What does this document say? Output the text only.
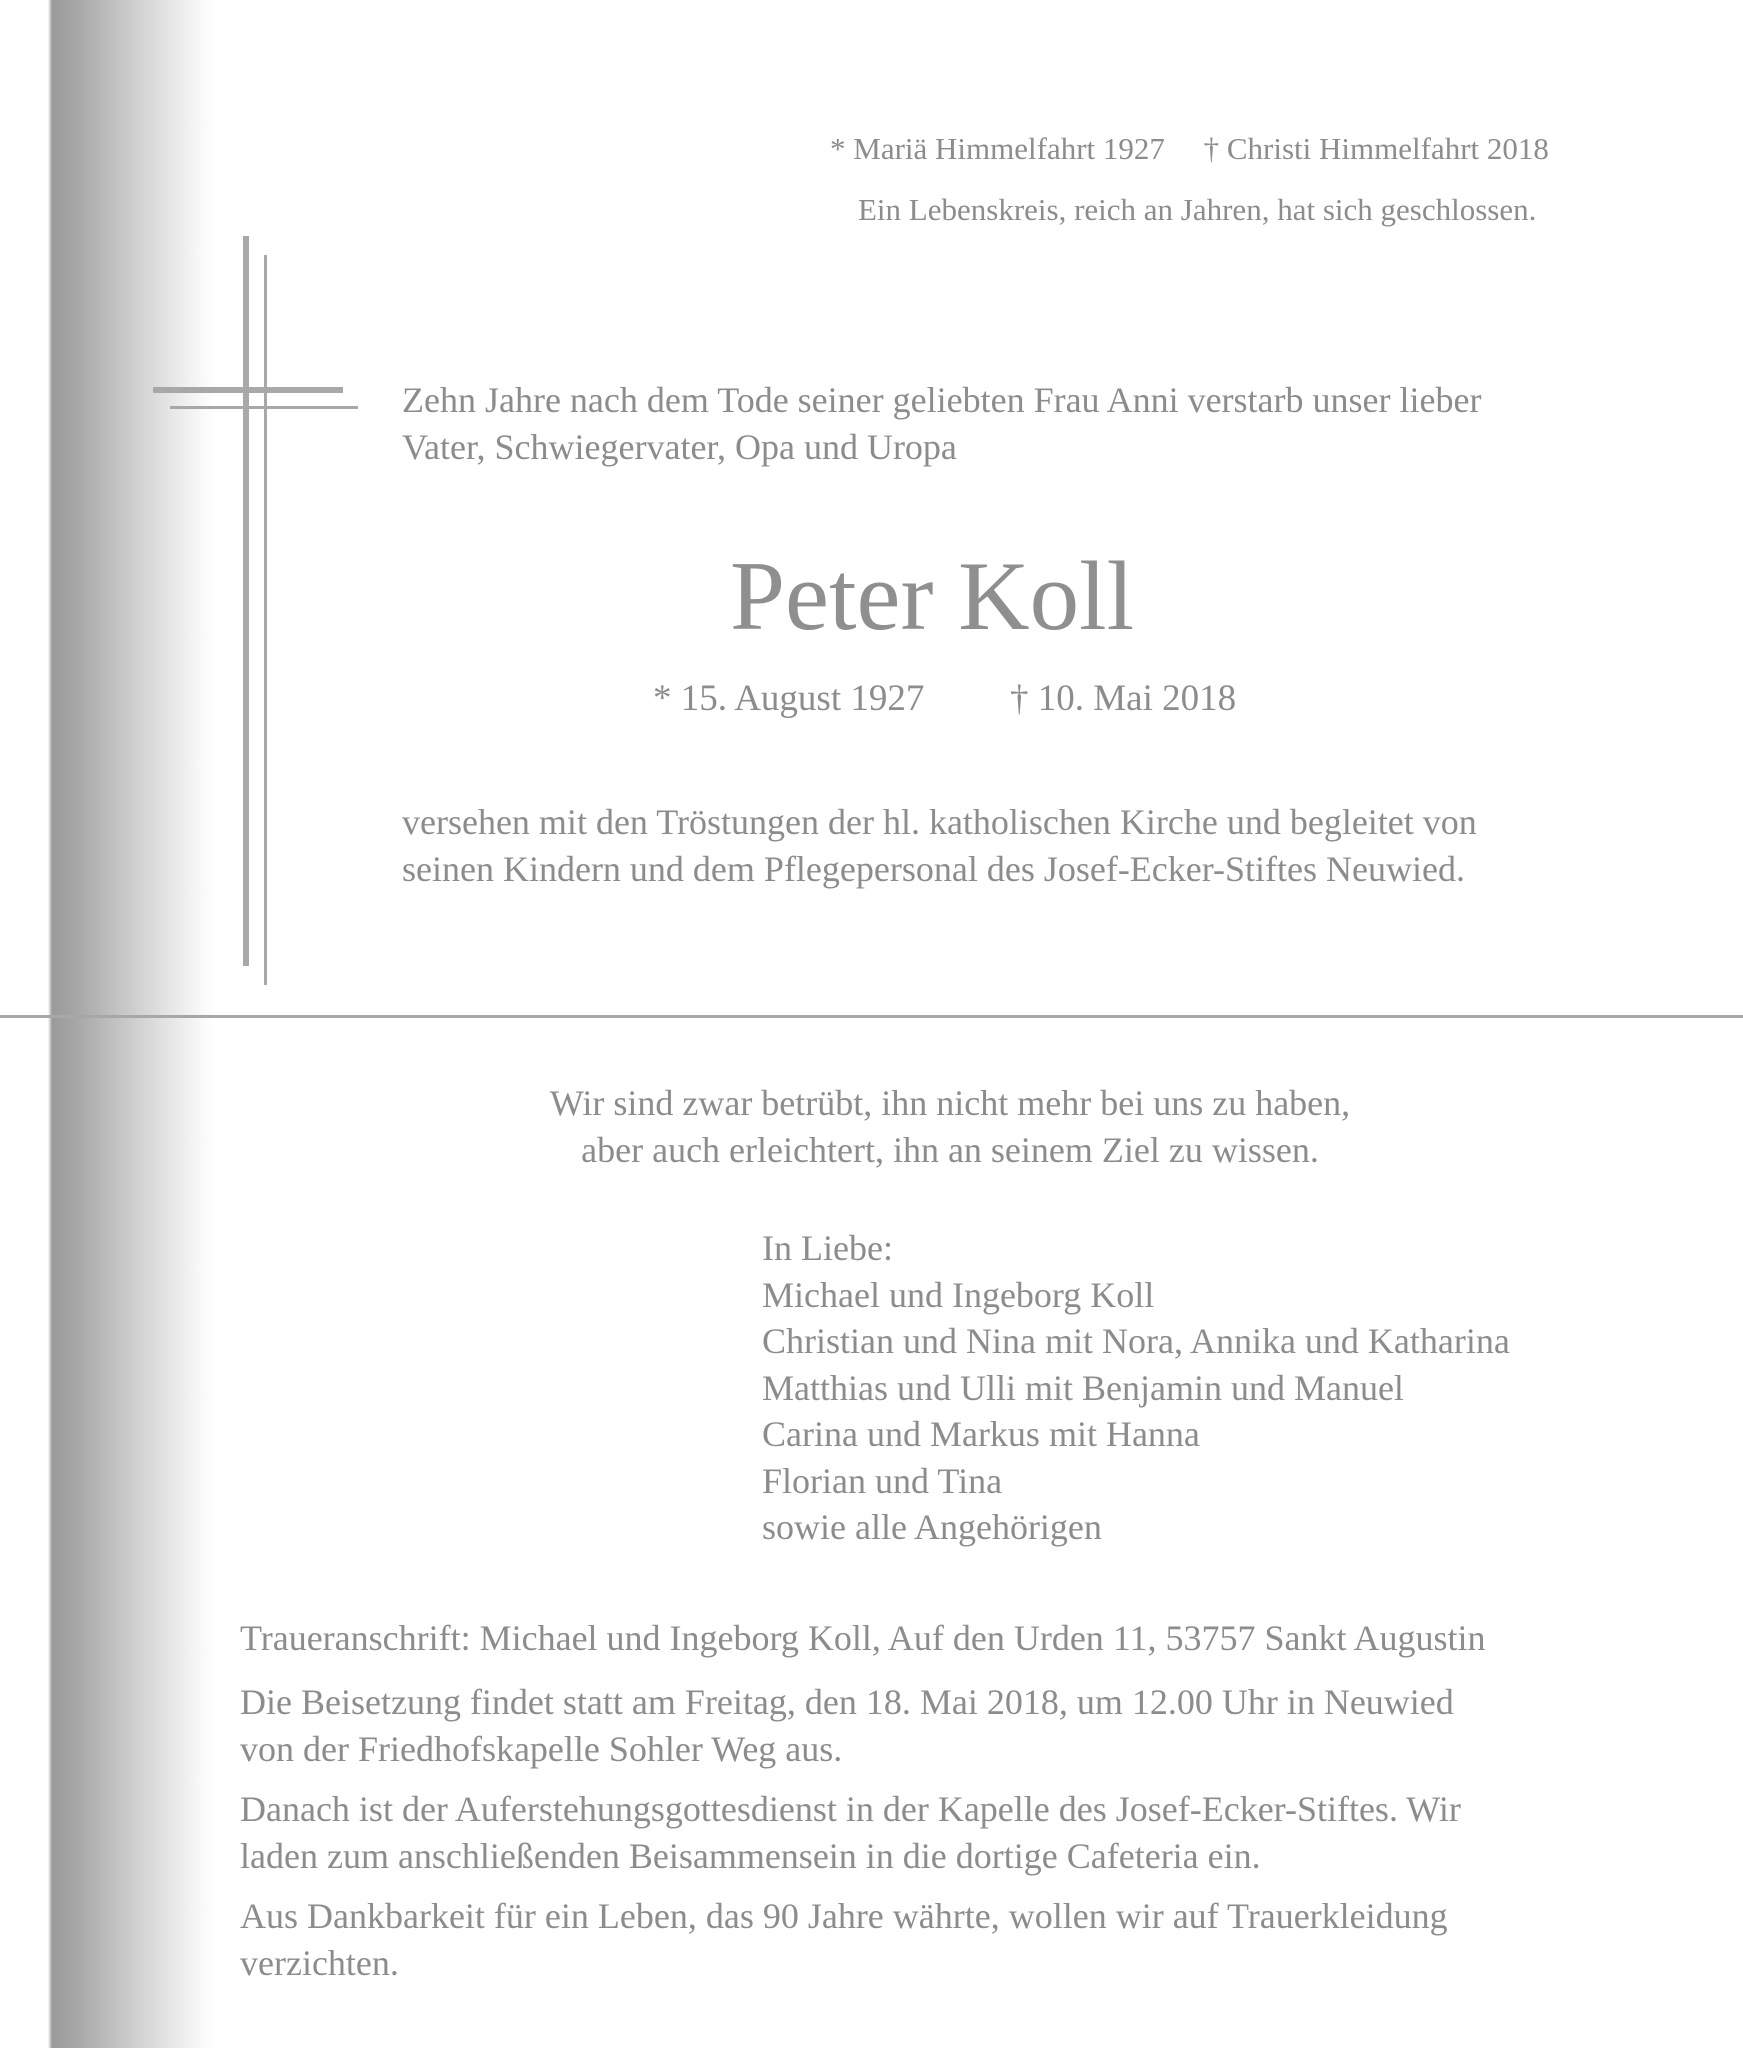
* Mariä Himmelfahrt 1927     † Christi Himmelfahrt 2018

Ein Lebenskreis, reich an Jahren, hat sich geschlossen.

Zehn Jahre nach dem Tode seiner geliebten Frau Anni verstarb unser lieber
Vater, Schwiegervater, Opa und Uropa

Peter Koll

* 15. August 1927 † 10. Mai 2018

versehen mit den Tröstungen der hl. katholischen Kirche und begleitet von
seinen Kindern und dem Pflegepersonal des Josef-Ecker-Stiftes Neuwied.
Wir sind zwar betrübt, ihn nicht mehr bei uns zu haben,
aber auch erleichtert, ihn an seinem Ziel zu wissen.
In Liebe:
Michael und Ingeborg Koll
Christian und Nina mit Nora, Annika und Katharina
Matthias und Ulli mit Benjamin und Manuel
Carina und Markus mit Hanna
Florian und Tina
sowie alle Angehörigen

Traueranschrift: Michael und Ingeborg Koll, Auf den Urden 11, 53757 Sankt Augustin

Die Beisetzung findet statt am Freitag, den 18. Mai 2018, um 12.00 Uhr in Neuwied
von der Friedhofskapelle Sohler Weg aus.
Danach ist der Auferstehungsgottesdienst in der Kapelle des Josef-Ecker-Stiftes. Wir
laden zum anschließenden Beisammensein in die dortige Cafeteria ein.
Aus Dankbarkeit für ein Leben, das 90 Jahre währte, wollen wir auf Trauerkleidung
verzichten.
